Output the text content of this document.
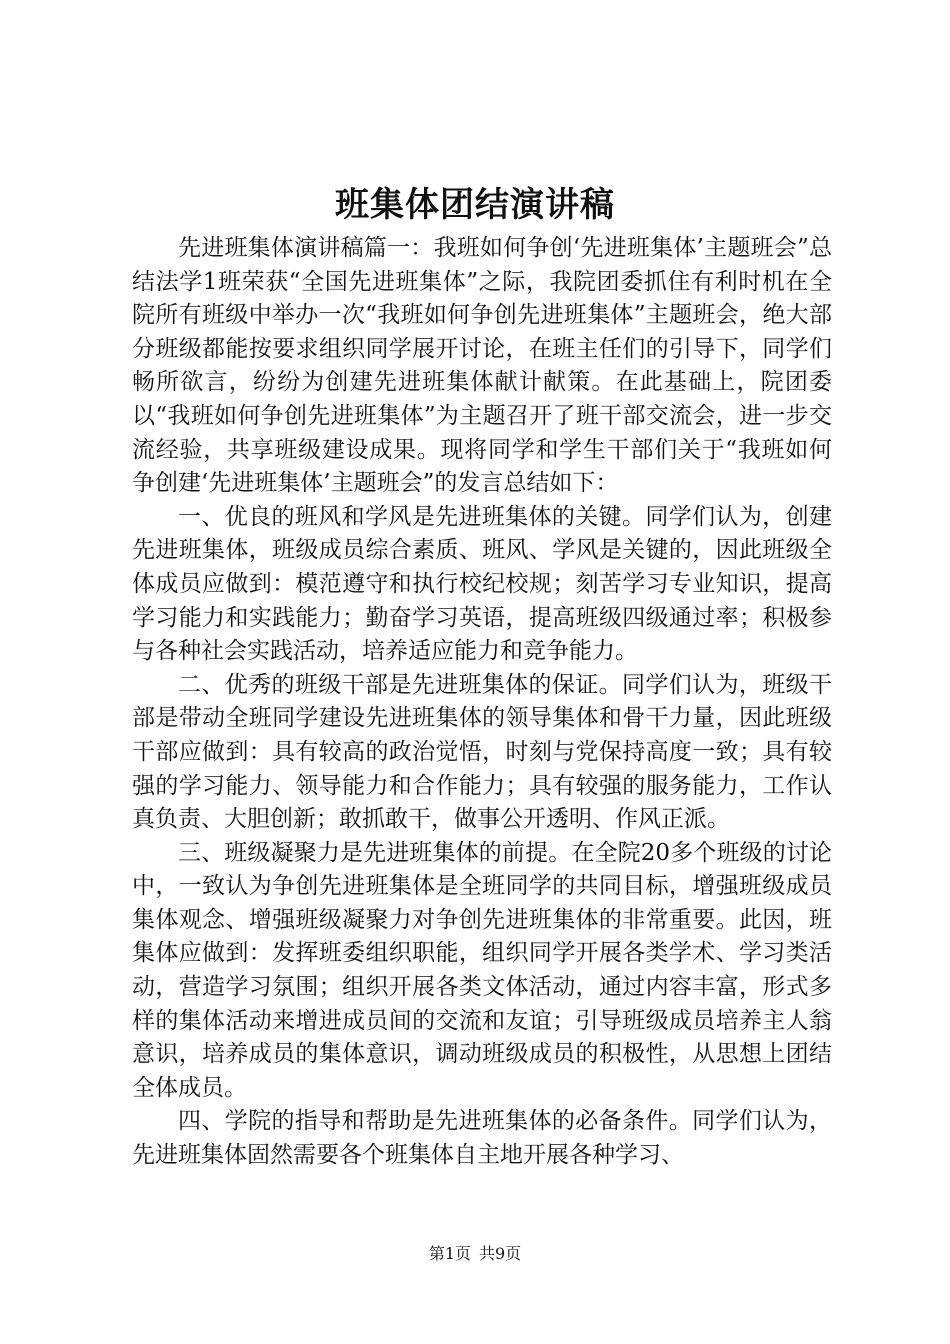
班集体团结演讲稿

先进班集体演讲稿篇一：我班如何争创‘先进班集体’主题班会”总结法学1班荣获“全国先进班集体”之际，我院团委抓住有利时机在全院所有班级中举办一次“我班如何争创先进班集体”主题班会，绝大部分班级都能按要求组织同学展开讨论，在班主任们的引导下，同学们畅所欲言，纷纷为创建先进班集体献计献策。在此基础上，院团委以“我班如何争创先进班集体”为主题召开了班干部交流会，进一步交流经验，共享班级建设成果。现将同学和学生干部们关于“我班如何争创建‘先进班集体’主题班会”的发言总结如下：

一、优良的班风和学风是先进班集体的关键。同学们认为，创建先进班集体，班级成员综合素质、班风、学风是关键的，因此班级全体成员应做到：模范遵守和执行校纪校规；刻苦学习专业知识，提高学习能力和实践能力；勤奋学习英语，提高班级四级通过率；积极参与各种社会实践活动，培养适应能力和竞争能力。

二、优秀的班级干部是先进班集体的保证。同学们认为，班级干部是带动全班同学建设先进班集体的领导集体和骨干力量，因此班级干部应做到：具有较高的政治觉悟，时刻与党保持高度一致；具有较强的学习能力、领导能力和合作能力；具有较强的服务能力，工作认真负责、大胆创新；敢抓敢干，做事公开透明、作风正派。

三、班级凝聚力是先进班集体的前提。在全院20多个班级的讨论中，一致认为争创先进班集体是全班同学的共同目标，增强班级成员集体观念、增强班级凝聚力对争创先进班集体的非常重要。此因，班集体应做到：发挥班委组织职能，组织同学开展各类学术、学习类活动，营造学习氛围；组织开展各类文体活动，通过内容丰富，形式多样的集体活动来增进成员间的交流和友谊；引导班级成员培养主人翁意识，培养成员的集体意识，调动班级成员的积极性，从思想上团结全体成员。

四、学院的指导和帮助是先进班集体的必备条件。同学们认为，先进班集体固然需要各个班集体自主地开展各种学习、

第1页 共9页
